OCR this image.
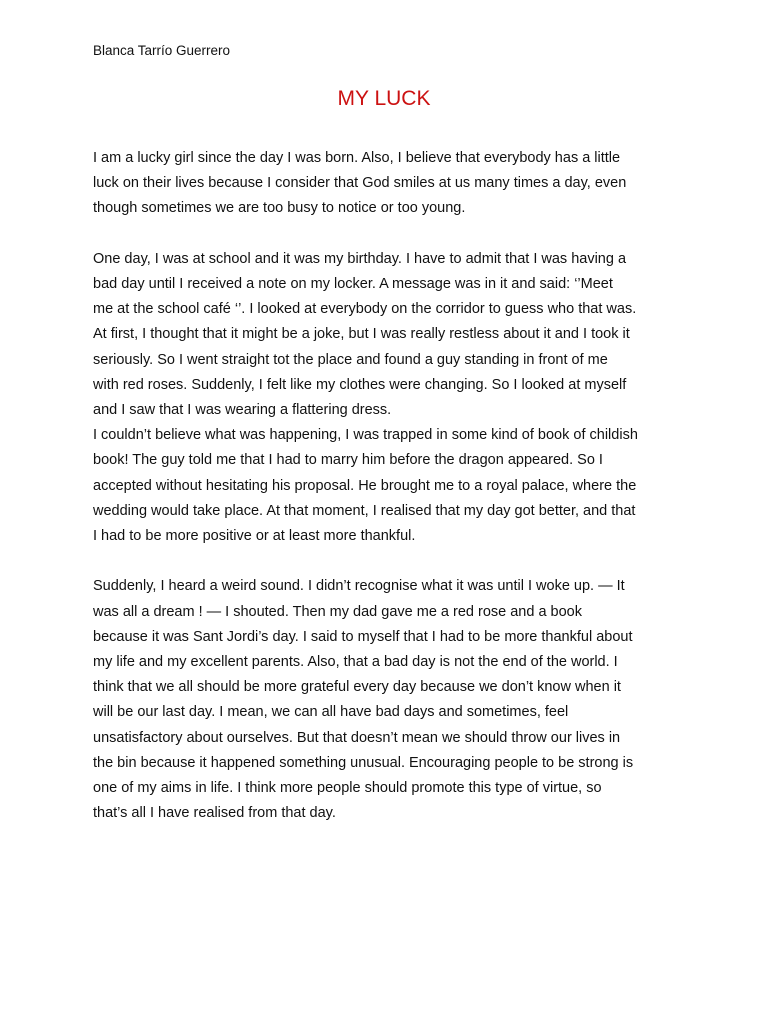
Blanca Tarrío Guerrero
MY LUCK

I am a lucky girl since the day I was born. Also, I believe that everybody has a little
luck on their lives because I consider that God smiles at us many times a day, even
though sometimes we are too busy to notice or too young.

One day, I was at school and it was my birthday. I have to admit that I was having a
bad day until I received a note on my locker. A message was in it and said: ‘’Meet
me at the school café ‘’. I looked at everybody on the corridor to guess who that was.
At first, I thought that it might be a joke, but I was really restless about it and I took it
seriously. So I went straight tot the place and found a guy standing in front of me
with red roses. Suddenly, I felt like my clothes were changing. So I looked at myself
and I saw that I was wearing a flattering dress.

I couldn’t believe what was happening, I was trapped in some kind of book of childish
book! The guy told me that I had to marry him before the dragon appeared. So I
accepted without hesitating his proposal. He brought me to a royal palace, where the
wedding would take place. At that moment, I realised that my day got better, and that
I had to be more positive or at least more thankful.

Suddenly, I heard a weird sound. I didn’t recognise what it was until I woke up. — It
was all a dream ! — I shouted. Then my dad gave me a red rose and a book
because it was Sant Jordi’s day. I said to myself that I had to be more thankful about
my life and my excellent parents. Also, that a bad day is not the end of the world. I
think that we all should be more grateful every day because we don’t know when it
will be our last day. I mean, we can all have bad days and sometimes, feel
unsatisfactory about ourselves. But that doesn’t mean we should throw our lives in
the bin because it happened something unusual. Encouraging people to be strong is
one of my aims in life. I think more people should promote this type of virtue, so
that’s all I have realised from that day.
